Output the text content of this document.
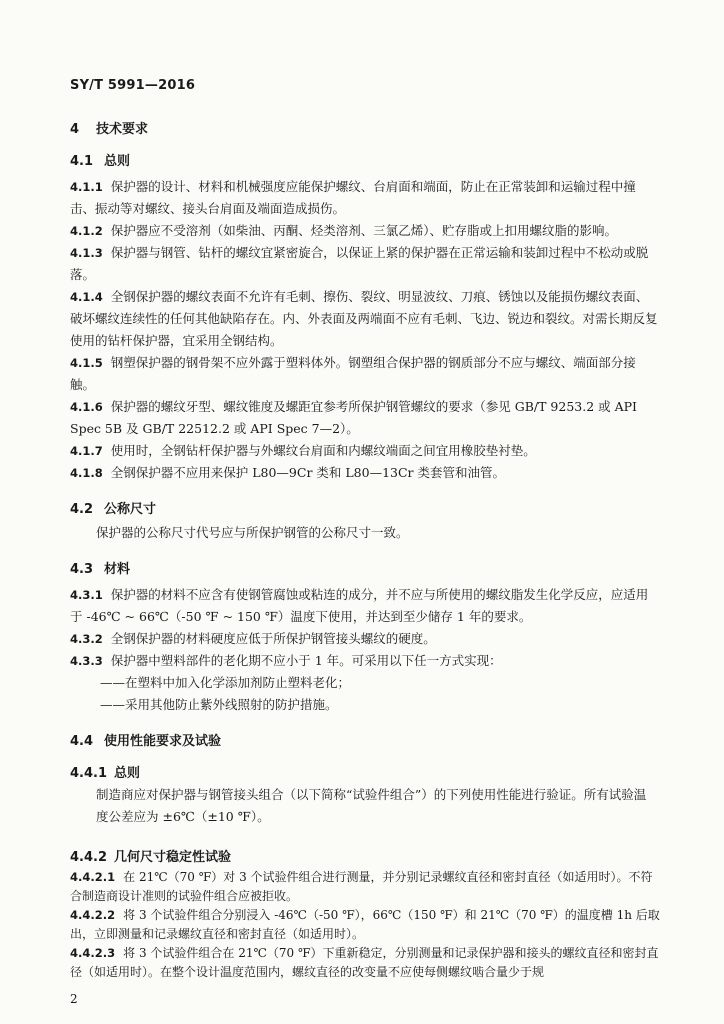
SY/T 5991—2016
4 技术要求
4.1 总则
4.1.1 保护器的设计、材料和机械强度应能保护螺纹、台肩面和端面，防止在正常装卸和运输过程中撞击、振动等对螺纹、接头台肩面及端面造成损伤。
4.1.2 保护器应不受溶剂（如柴油、丙酮、烃类溶剂、三氯乙烯）、贮存脂或上扣用螺纹脂的影响。
4.1.3 保护器与钢管、钻杆的螺纹宜紧密旋合，以保证上紧的保护器在正常运输和装卸过程中不松动或脱落。
4.1.4 全钢保护器的螺纹表面不允许有毛刺、擦伤、裂纹、明显波纹、刀痕、锈蚀以及能损伤螺纹表面、破坏螺纹连续性的任何其他缺陷存在。内、外表面及两端面不应有毛刺、飞边、锐边和裂纹。对需长期反复使用的钻杆保护器，宜采用全钢结构。
4.1.5 钢塑保护器的钢骨架不应外露于塑料体外。钢塑组合保护器的钢质部分不应与螺纹、端面部分接触。
4.1.6 保护器的螺纹牙型、螺纹锥度及螺距宜参考所保护钢管螺纹的要求（参见 GB/T 9253.2 或 API Spec 5B 及 GB/T 22512.2 或 API Spec 7—2）。
4.1.7 使用时，全钢钻杆保护器与外螺纹台肩面和内螺纹端面之间宜用橡胶垫衬垫。
4.1.8 全钢保护器不应用来保护 L80—9Cr 类和 L80—13Cr 类套管和油管。
4.2 公称尺寸
保护器的公称尺寸代号应与所保护钢管的公称尺寸一致。
4.3 材料
4.3.1 保护器的材料不应含有使钢管腐蚀或粘连的成分，并不应与所使用的螺纹脂发生化学反应，应适用于 -46℃ ~ 66℃（-50 ℉ ~ 150 ℉）温度下使用，并达到至少储存 1 年的要求。
4.3.2 全钢保护器的材料硬度应低于所保护钢管接头螺纹的硬度。
4.3.3 保护器中塑料部件的老化期不应小于 1 年。可采用以下任一方式实现：
——在塑料中加入化学添加剂防止塑料老化；
——采用其他防止紫外线照射的防护措施。
4.4 使用性能要求及试验
4.4.1 总则
制造商应对保护器与钢管接头组合（以下简称“试验件组合”）的下列使用性能进行验证。所有试验温度公差应为 ±6℃（±10 ℉）。
4.4.2 几何尺寸稳定性试验
4.4.2.1 在 21℃（70 ℉）对 3 个试验件组合进行测量，并分别记录螺纹直径和密封直径（如适用时）。不符合制造商设计准则的试验件组合应被拒收。
4.4.2.2 将 3 个试验件组合分别浸入 -46℃（-50 ℉），66℃（150 ℉）和 21℃（70 ℉）的温度槽 1h 后取出，立即测量和记录螺纹直径和密封直径（如适用时）。
4.4.2.3 将 3 个试验件组合在 21℃（70 ℉）下重新稳定，分别测量和记录保护器和接头的螺纹直径和密封直径（如适用时）。在整个设计温度范围内，螺纹直径的改变量不应使每侧螺纹啮合量少于规
2
